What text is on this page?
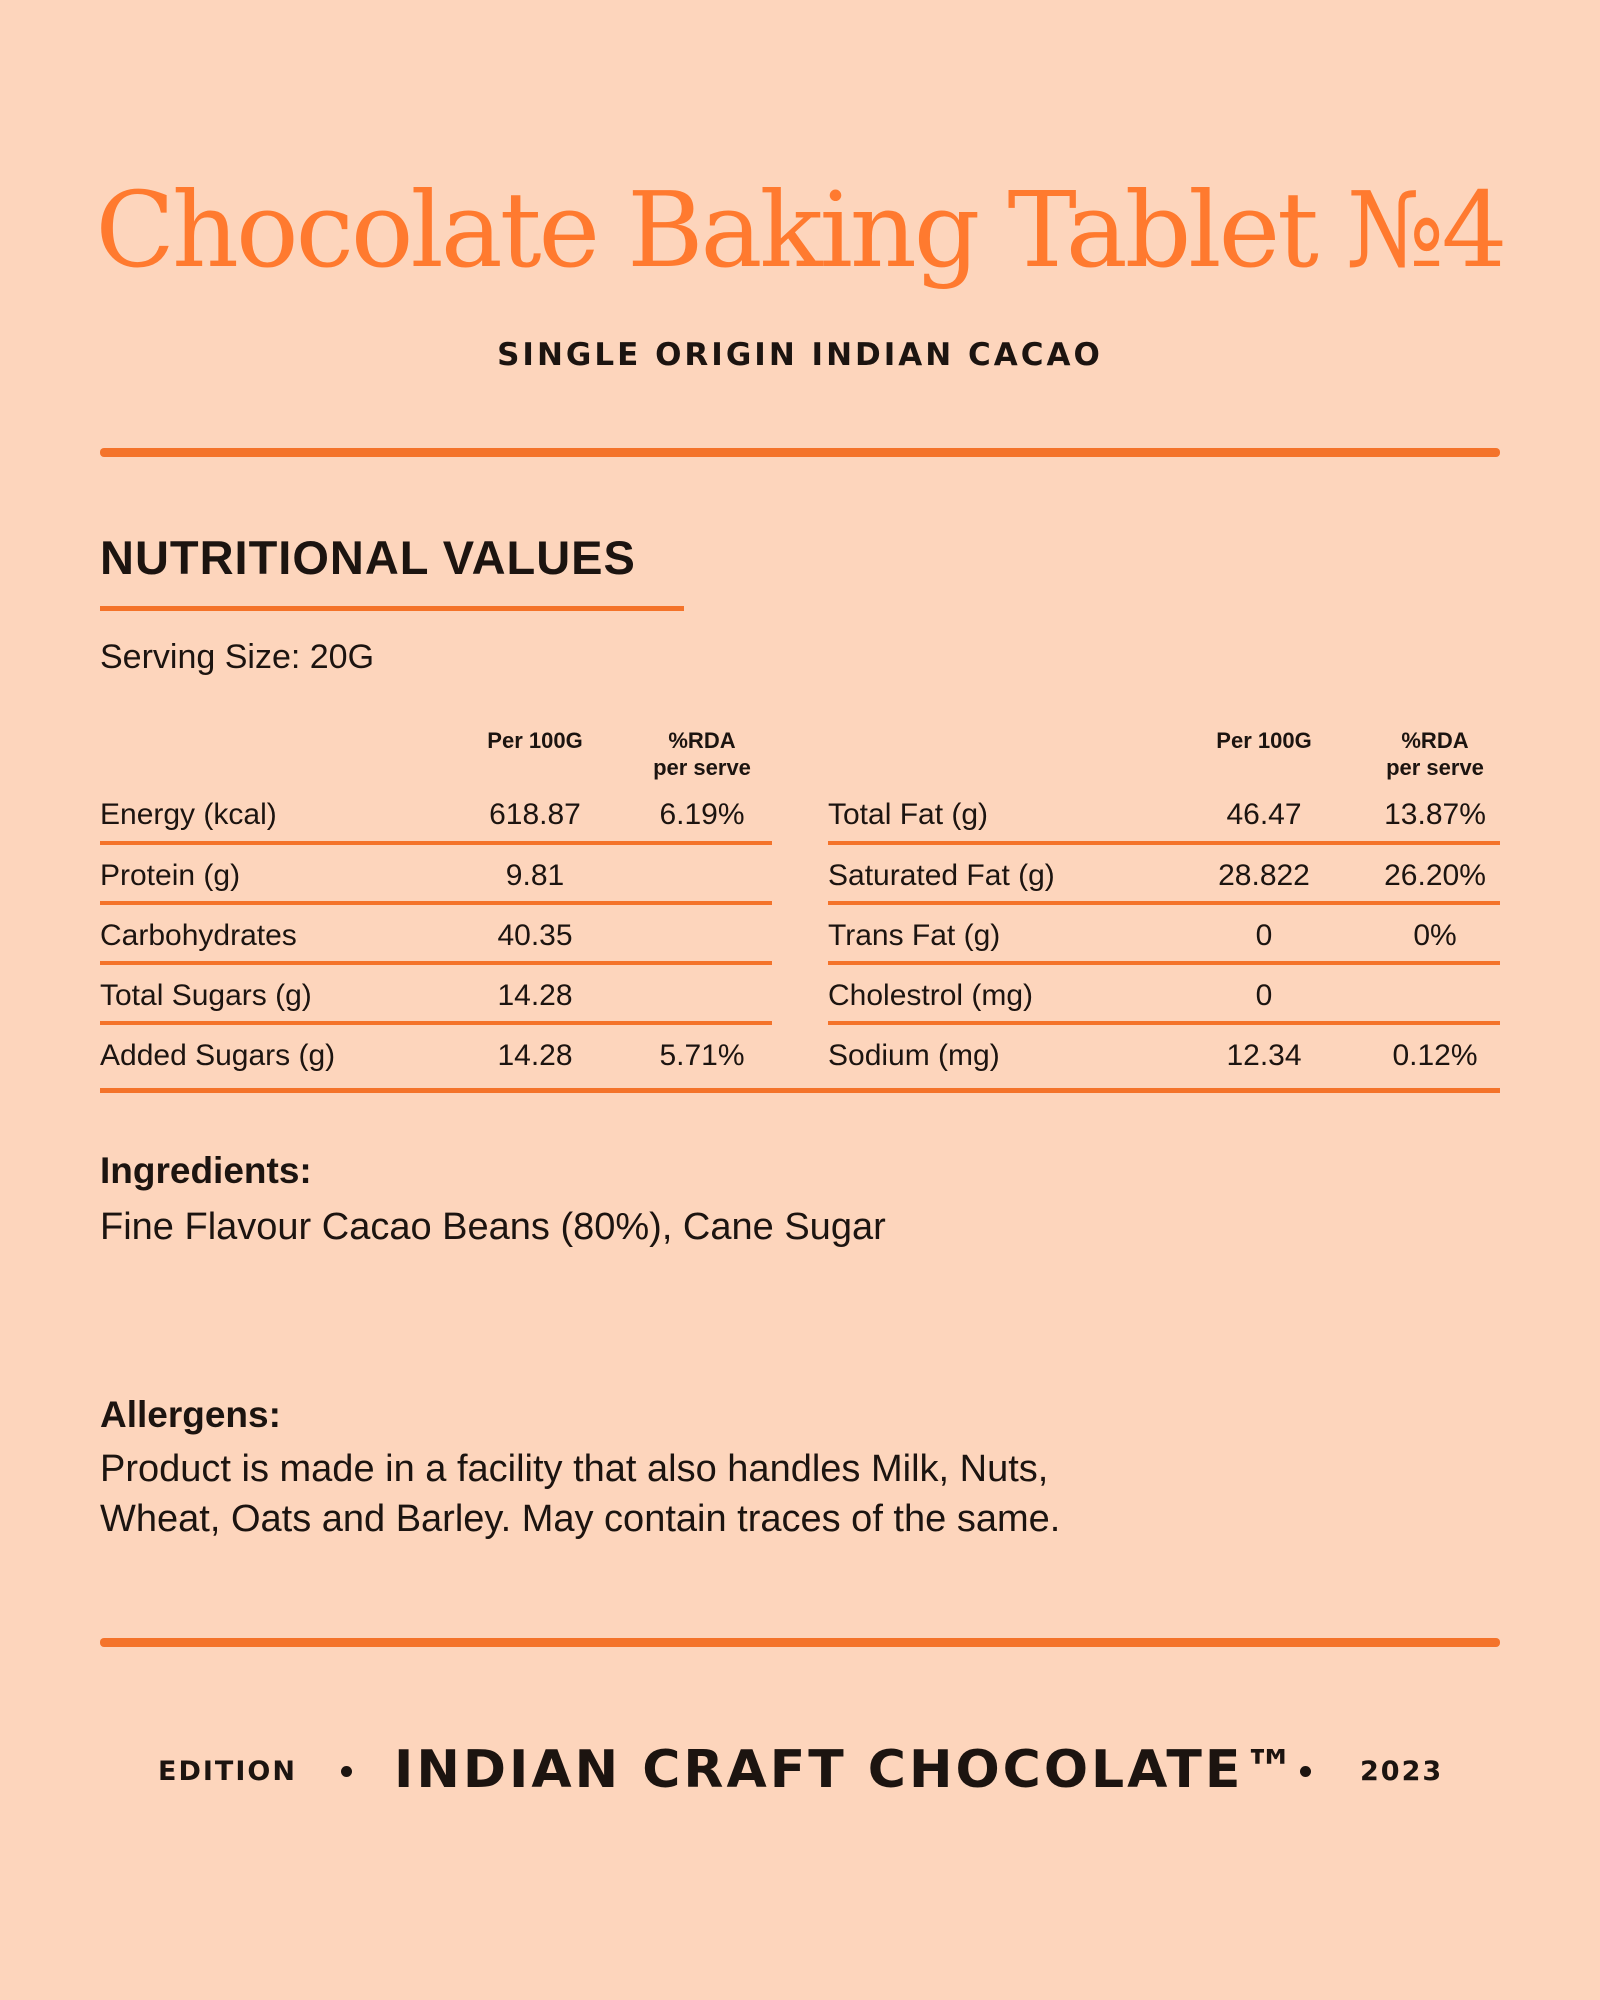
Chocolate Baking Tablet №4
SINGLE ORIGIN INDIAN CACAO
NUTRITIONAL VALUES
Serving Size: 20G
Per 100G	%RDA
per serve
Per 100G	%RDA
per serve
Energy (kcal)	618.87	6.19%
Protein (g)	9.81
Carbohydrates	40.35
Total Sugars (g)	14.28
Added Sugars (g)	14.28	5.71%
Total Fat (g)	46.47	13.87%
Saturated Fat (g)	28.822	26.20%
Trans Fat (g)	0	0%
Cholestrol (mg)	0
Sodium (mg)	12.34	0.12%
Ingredients:
Fine Flavour Cacao Beans (80%), Cane Sugar
Allergens:
Product is made in a facility that also handles Milk, Nuts,
Wheat, Oats and Barley. May contain traces of the same.
EDITION INDIAN CRAFT CHOCOLATE™ 2023
